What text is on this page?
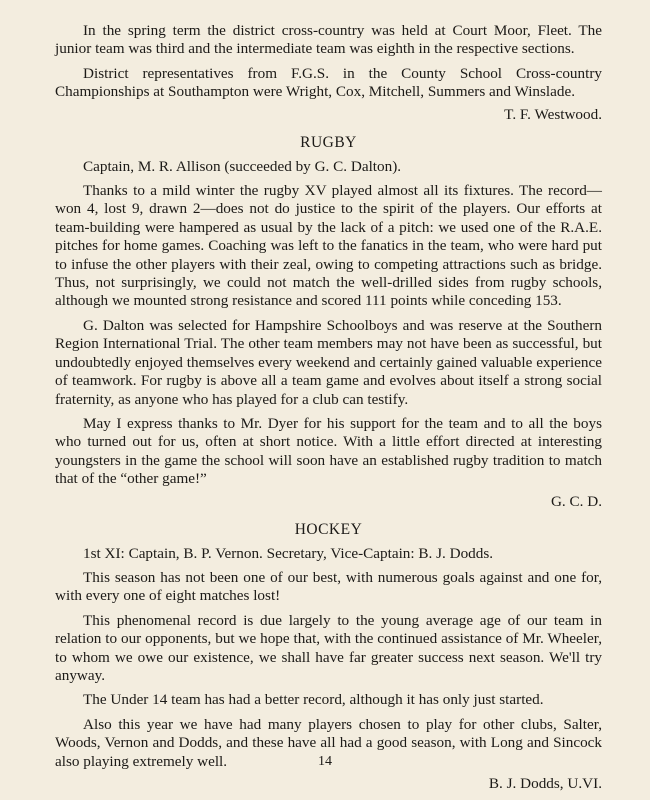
In the spring term the district cross-country was held at Court Moor, Fleet. The junior team was third and the intermediate team was eighth in the respective sections.

District representatives from F.G.S. in the County School Cross-country Championships at Southampton were Wright, Cox, Mitchell, Summers and Winslade.

T. F. Westwood.
RUGBY

Captain, M. R. Allison (succeeded by G. C. Dalton).

Thanks to a mild winter the rugby XV played almost all its fixtures. The record—won 4, lost 9, drawn 2—does not do justice to the spirit of the players. Our efforts at team-building were hampered as usual by the lack of a pitch: we used one of the R.A.E. pitches for home games. Coaching was left to the fanatics in the team, who were hard put to infuse the other players with their zeal, owing to competing attractions such as bridge. Thus, not surprisingly, we could not match the well-drilled sides from rugby schools, although we mounted strong resistance and scored 111 points while conceding 153.

G. Dalton was selected for Hampshire Schoolboys and was reserve at the Southern Region International Trial. The other team members may not have been as successful, but undoubtedly enjoyed themselves every weekend and certainly gained valuable experience of teamwork. For rugby is above all a team game and evolves about itself a strong social fraternity, as anyone who has played for a club can testify.

May I express thanks to Mr. Dyer for his support for the team and to all the boys who turned out for us, often at short notice. With a little effort directed at interesting youngsters in the game the school will soon have an established rugby tradition to match that of the “other game!”

G. C. D.
HOCKEY

1st XI: Captain, B. P. Vernon. Secretary, Vice-Captain: B. J. Dodds.

This season has not been one of our best, with numerous goals against and one for, with every one of eight matches lost!

This phenomenal record is due largely to the young average age of our team in relation to our opponents, but we hope that, with the continued assistance of Mr. Wheeler, to whom we owe our existence, we shall have far greater success next season. We'll try anyway.

The Under 14 team has had a better record, although it has only just started.

Also this year we have had many players chosen to play for other clubs, Salter, Woods, Vernon and Dodds, and these have all had a good season, with Long and Sincock also playing extremely well.

B. J. Dodds, U.VI.
14
